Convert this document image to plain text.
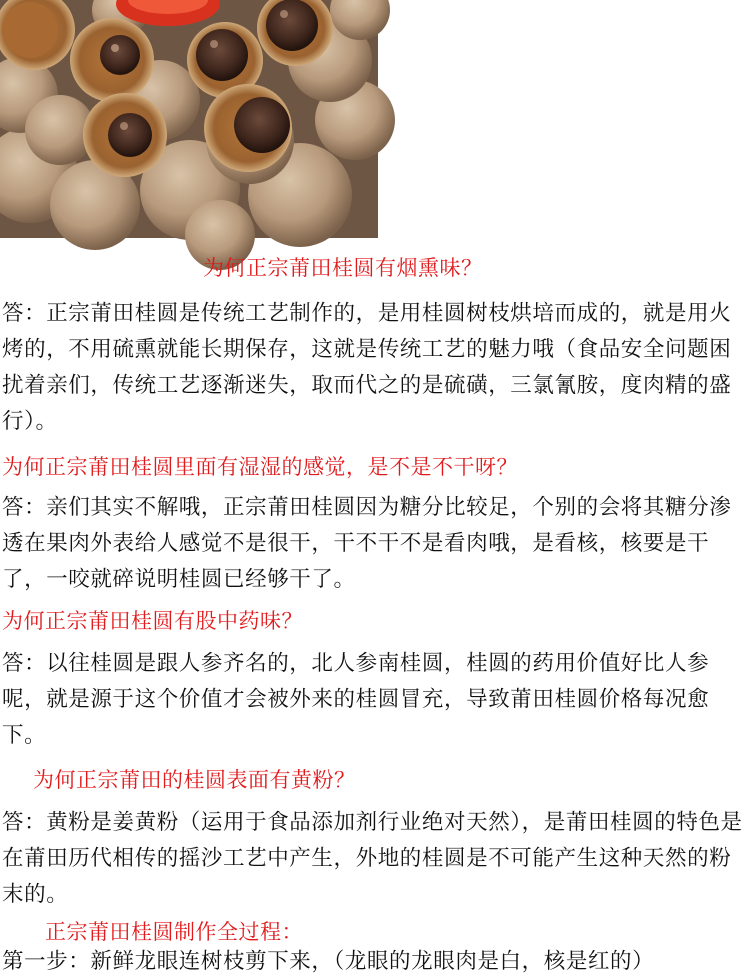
为何正宗莆田桂圆有烟熏味？
答：正宗莆田桂圆是传统工艺制作的，是用桂圆树枝烘培而成的，就是用火烤的，不用硫熏就能长期保存，这就是传统工艺的魅力哦（食品安全问题困扰着亲们，传统工艺逐渐迷失，取而代之的是硫磺，三氯氰胺，度肉精的盛行）。
为何正宗莆田桂圆里面有湿湿的感觉，是不是不干呀？
答：亲们其实不解哦，正宗莆田桂圆因为糖分比较足，个别的会将其糖分渗透在果肉外表给人感觉不是很干，干不干不是看肉哦，是看核，核要是干了，一咬就碎说明桂圆已经够干了。
为何正宗莆田桂圆有股中药味？
答：以往桂圆是跟人参齐名的，北人参南桂圆，桂圆的药用价值好比人参呢，就是源于这个价值才会被外来的桂圆冒充，导致莆田桂圆价格每况愈下。
为何正宗莆田的桂圆表面有黄粉？
答：黄粉是姜黄粉（运用于食品添加剂行业绝对天然），是莆田桂圆的特色是在莆田历代相传的摇沙工艺中产生，外地的桂圆是不可能产生这种天然的粉末的。
正宗莆田桂圆制作全过程：
第一步：新鲜龙眼连树枝剪下来，（龙眼的龙眼肉是白，核是红的）
